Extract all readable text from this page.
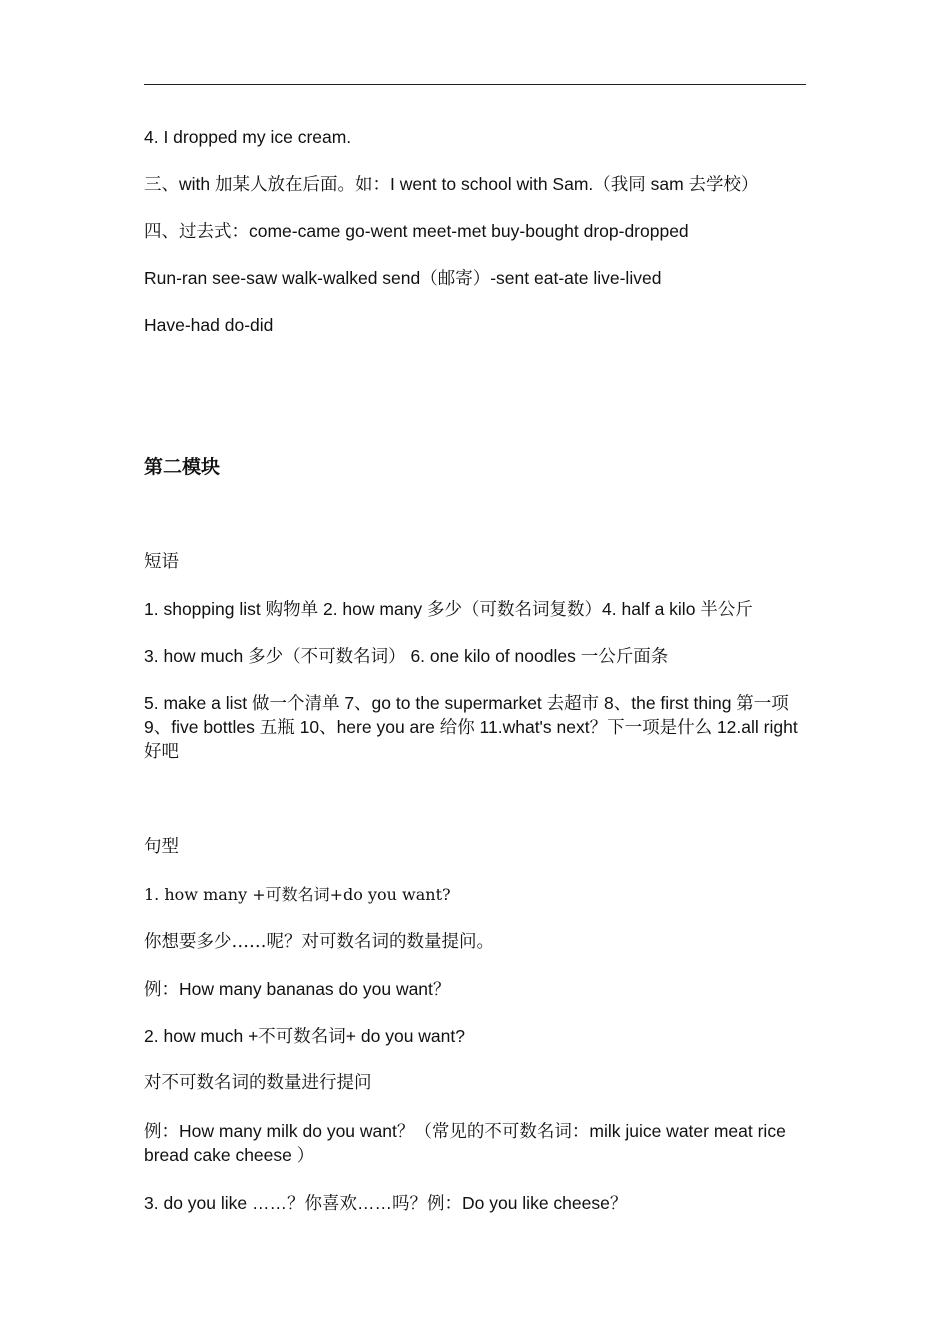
4. I dropped my ice cream.
三、with 加某人放在后面。如：I went to school with Sam.（我同 sam 去学校）
四、过去式：come-came go-went meet-met buy-bought drop-dropped
Run-ran see-saw walk-walked send（邮寄）-sent eat-ate live-lived
Have-had do-did
第二模块
短语
1. shopping list 购物单 2. how many 多少（可数名词复数）4. half a kilo 半公斤
3. how much 多少（不可数名词） 6. one kilo of noodles 一公斤面条
5. make a list 做一个清单 7、go to the supermarket 去超市 8、the first thing 第一项 9、five bottles 五瓶 10、here you are 给你 11.what's next？下一项是什么 12.all right 好吧
句型
1. how many +可数名词+do you want?
你想要多少……呢？对可数名词的数量提问。
例：How many bananas do you want？
2. how much +不可数名词+ do you want?
对不可数名词的数量进行提问
例：How many milk do you want？（常见的不可数名词：milk juice water meat rice bread cake cheese ）
3. do you like ……？你喜欢……吗？例：Do you like cheese？
